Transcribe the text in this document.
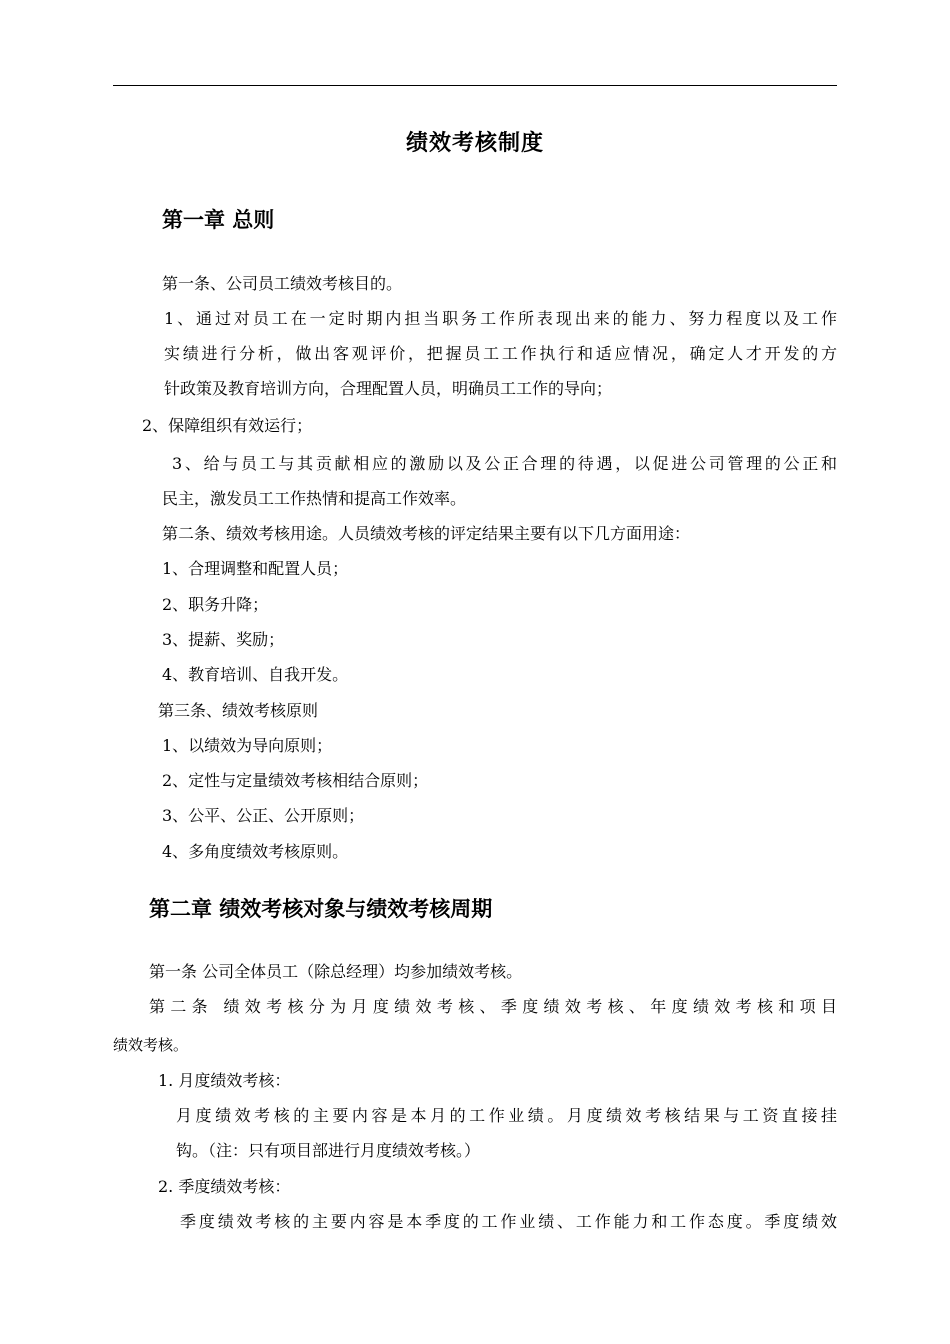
绩效考核制度
第一章 总则
第一条、公司员工绩效考核目的。
1、通过对员工在一定时期内担当职务工作所表现出来的能力、努力程度以及工作
实绩进行分析，做出客观评价，把握员工工作执行和适应情况，确定人才开发的方
针政策及教育培训方向，合理配置人员，明确员工工作的导向；
2、保障组织有效运行；
3、给与员工与其贡献相应的激励以及公正合理的待遇，以促进公司管理的公正和
民主，激发员工工作热情和提高工作效率。
第二条、绩效考核用途。人员绩效考核的评定结果主要有以下几方面用途：
1、合理调整和配置人员；
2、职务升降；
3、提薪、奖励；
4、教育培训、自我开发。
第三条、绩效考核原则
1、以绩效为导向原则；
2、定性与定量绩效考核相结合原则；
3、公平、公正、公开原则；
4、多角度绩效考核原则。
第二章 绩效考核对象与绩效考核周期
第一条 公司全体员工（除总经理）均参加绩效考核。
第二条 绩效考核分为月度绩效考核、季度绩效考核、年度绩效考核和项目
绩效考核。
1. 月度绩效考核：
月度绩效考核的主要内容是本月的工作业绩。月度绩效考核结果与工资直接挂
钩。（注：只有项目部进行月度绩效考核。）
2. 季度绩效考核：
季度绩效考核的主要内容是本季度的工作业绩、工作能力和工作态度。季度绩效
